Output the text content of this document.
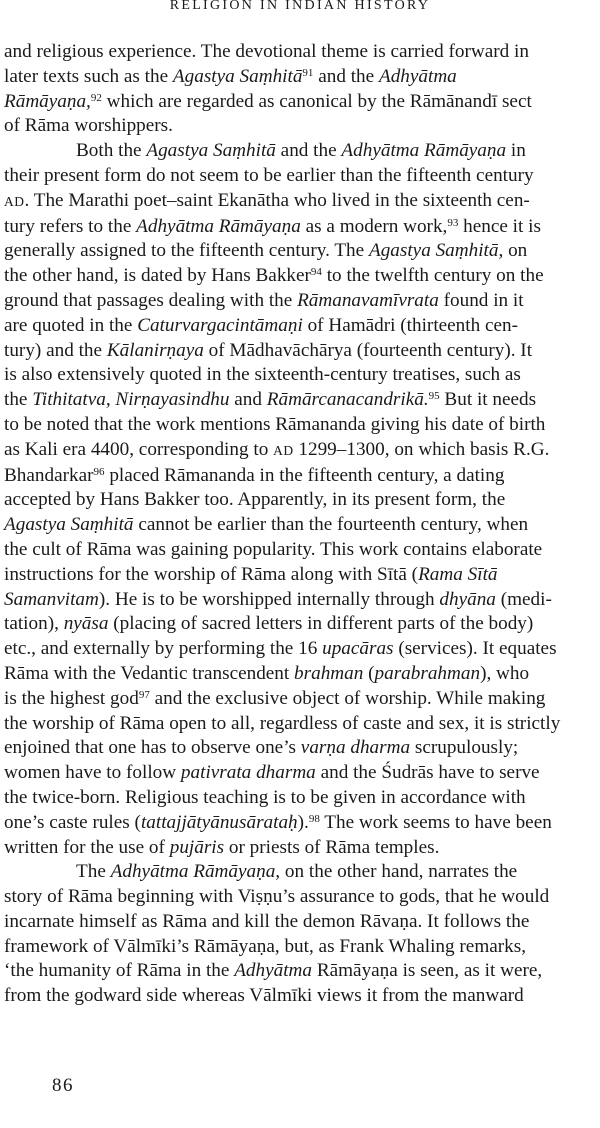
RELIGION IN INDIAN HISTORY
and religious experience. The devotional theme is carried forward in
later texts such as the Agastya Saṃhitā$^{91}$ and the Adhyātma
Rāmāyaṇa,$^{92}$ which are regarded as canonical by the Rāmānandī sect
of Rāma worshippers.
Both the Agastya Saṃhitā and the Adhyātma Rāmāyaṇa in
their present form do not seem to be earlier than the fifteenth century
AD. The Marathi poet–saint Ekanātha who lived in the sixteenth cen-
tury refers to the Adhyātma Rāmāyaṇa as a modern work,$^{93}$ hence it is
generally assigned to the fifteenth century. The Agastya Saṃhitā, on
the other hand, is dated by Hans Bakker$^{94}$ to the twelfth century on the
ground that passages dealing with the Rāmanavamīvrata found in it
are quoted in the Caturvargacintāmaṇi of Hamādri (thirteenth cen-
tury) and the Kālanirṇaya of Mādhavāchārya (fourteenth century). It
is also extensively quoted in the sixteenth-century treatises, such as
the Tithitatva, Nirṇayasindhu and Rāmārcanacandrikā.$^{95}$ But it needs
to be noted that the work mentions Rāmananda giving his date of birth
as Kali era 4400, corresponding to AD 1299–1300, on which basis R.G.
Bhandarkar$^{96}$ placed Rāmananda in the fifteenth century, a dating
accepted by Hans Bakker too. Apparently, in its present form, the
Agastya Saṃhitā cannot be earlier than the fourteenth century, when
the cult of Rāma was gaining popularity. This work contains elaborate
instructions for the worship of Rāma along with Sītā (Rama Sītā
Samanvitam). He is to be worshipped internally through dhyāna (medi-
tation), nyāsa (placing of sacred letters in different parts of the body)
etc., and externally by performing the 16 upacāras (services). It equates
Rāma with the Vedantic transcendent brahman (parabrahman), who
is the highest god$^{97}$ and the exclusive object of worship. While making
the worship of Rāma open to all, regardless of caste and sex, it is strictly
enjoined that one has to observe one’s varṇa dharma scrupulously;
women have to follow pativrata dharma and the Śudrās have to serve
the twice-born. Religious teaching is to be given in accordance with
one’s caste rules (tattajjātyānusārataḥ).$^{98}$ The work seems to have been
written for the use of pujāris or priests of Rāma temples.
The Adhyātma Rāmāyaṇa, on the other hand, narrates the
story of Rāma beginning with Viṣṇu’s assurance to gods, that he would
incarnate himself as Rāma and kill the demon Rāvaṇa. It follows the
framework of Vālmīki’s Rāmāyaṇa, but, as Frank Whaling remarks,
‘the humanity of Rāma in the Adhyātma Rāmāyaṇa is seen, as it were,
from the godward side whereas Vālmīki views it from the manward
86
